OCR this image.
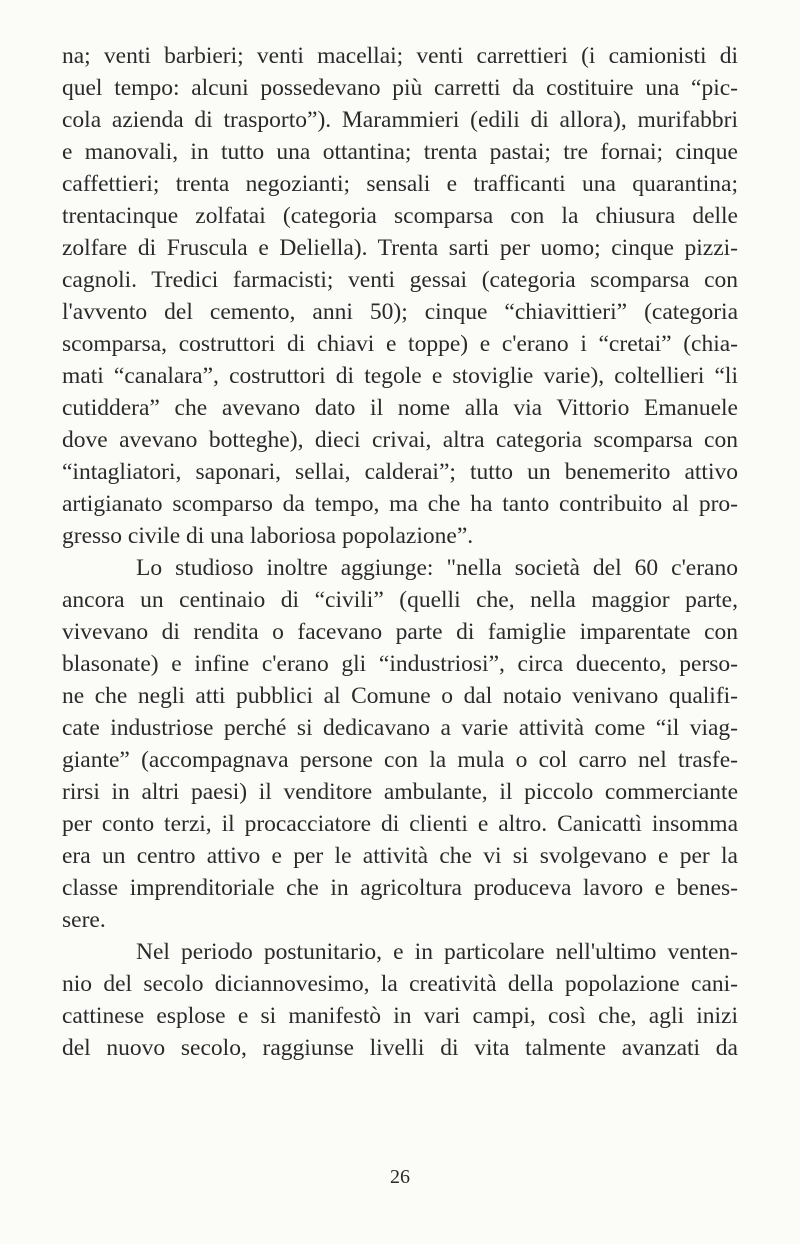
na; venti barbieri; venti macellai; venti carrettieri (i camionisti di
quel tempo: alcuni possedevano più carretti da costituire una “pic-
cola azienda di trasporto”). Marammieri (edili di allora), murifabbri
e manovali, in tutto una ottantina; trenta pastai; tre fornai; cinque
caffettieri; trenta negozianti; sensali e trafficanti una quarantina;
trentacinque zolfatai (categoria scomparsa con la chiusura delle
zolfare di Fruscula e Deliella). Trenta sarti per uomo; cinque pizzi-
cagnoli. Tredici farmacisti; venti gessai (categoria scomparsa con
l'avvento del cemento, anni 50); cinque “chiavittieri” (categoria
scomparsa, costruttori di chiavi e toppe) e c'erano i “cretai” (chia-
mati “canalara”, costruttori di tegole e stoviglie varie), coltellieri “li
cutiddera” che avevano dato il nome alla via Vittorio Emanuele
dove avevano botteghe), dieci crivai, altra categoria scomparsa con
“intagliatori, saponari, sellai, calderai”; tutto un benemerito attivo
artigianato scomparso da tempo, ma che ha tanto contribuito al pro-
gresso civile di una laboriosa popolazione”.
Lo studioso inoltre aggiunge: "nella società del 60 c'erano
ancora un centinaio di “civili” (quelli che, nella maggior parte,
vivevano di rendita o facevano parte di famiglie imparentate con
blasonate) e infine c'erano gli “industriosi”, circa duecento, perso-
ne che negli atti pubblici al Comune o dal notaio venivano qualifi-
cate industriose perché si dedicavano a varie attività come “il viag-
giante” (accompagnava persone con la mula o col carro nel trasfe-
rirsi in altri paesi) il venditore ambulante, il piccolo commerciante
per conto terzi, il procacciatore di clienti e altro. Canicattì insomma
era un centro attivo e per le attività che vi si svolgevano e per la
classe imprenditoriale che in agricoltura produceva lavoro e benes-
sere.
Nel periodo postunitario, e in particolare nell'ultimo venten-
nio del secolo diciannovesimo, la creatività della popolazione cani-
cattinese esplose e si manifestò in vari campi, così che, agli inizi
del nuovo secolo, raggiunse livelli di vita talmente avanzati da
26
